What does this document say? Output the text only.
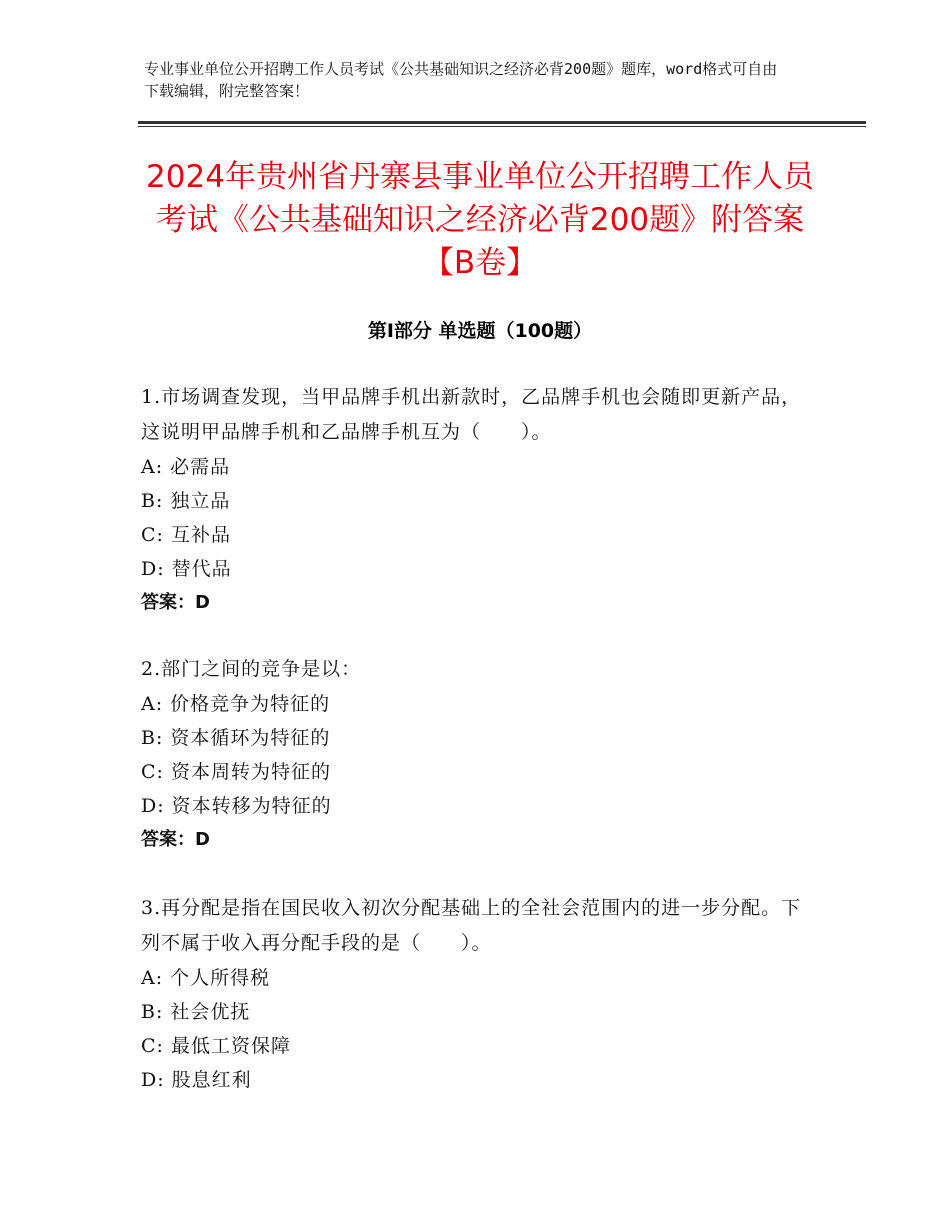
专业事业单位公开招聘工作人员考试《公共基础知识之经济必背200题》题库，word格式可自由下载编辑，附完整答案！
2024年贵州省丹寨县事业单位公开招聘工作人员考试《公共基础知识之经济必背200题》附答案【B卷】
第I部分 单选题（100题）
1.市场调查发现，当甲品牌手机出新款时，乙品牌手机也会随即更新产品，这说明甲品牌手机和乙品牌手机互为（　　）。
A: 必需品
B: 独立品
C: 互补品
D: 替代品
答案：D
2.部门之间的竞争是以：
A: 价格竞争为特征的
B: 资本循环为特征的
C: 资本周转为特征的
D: 资本转移为特征的
答案：D
3.再分配是指在国民收入初次分配基础上的全社会范围内的进一步分配。下列不属于收入再分配手段的是（　　）。
A: 个人所得税
B: 社会优抚
C: 最低工资保障
D: 股息红利
